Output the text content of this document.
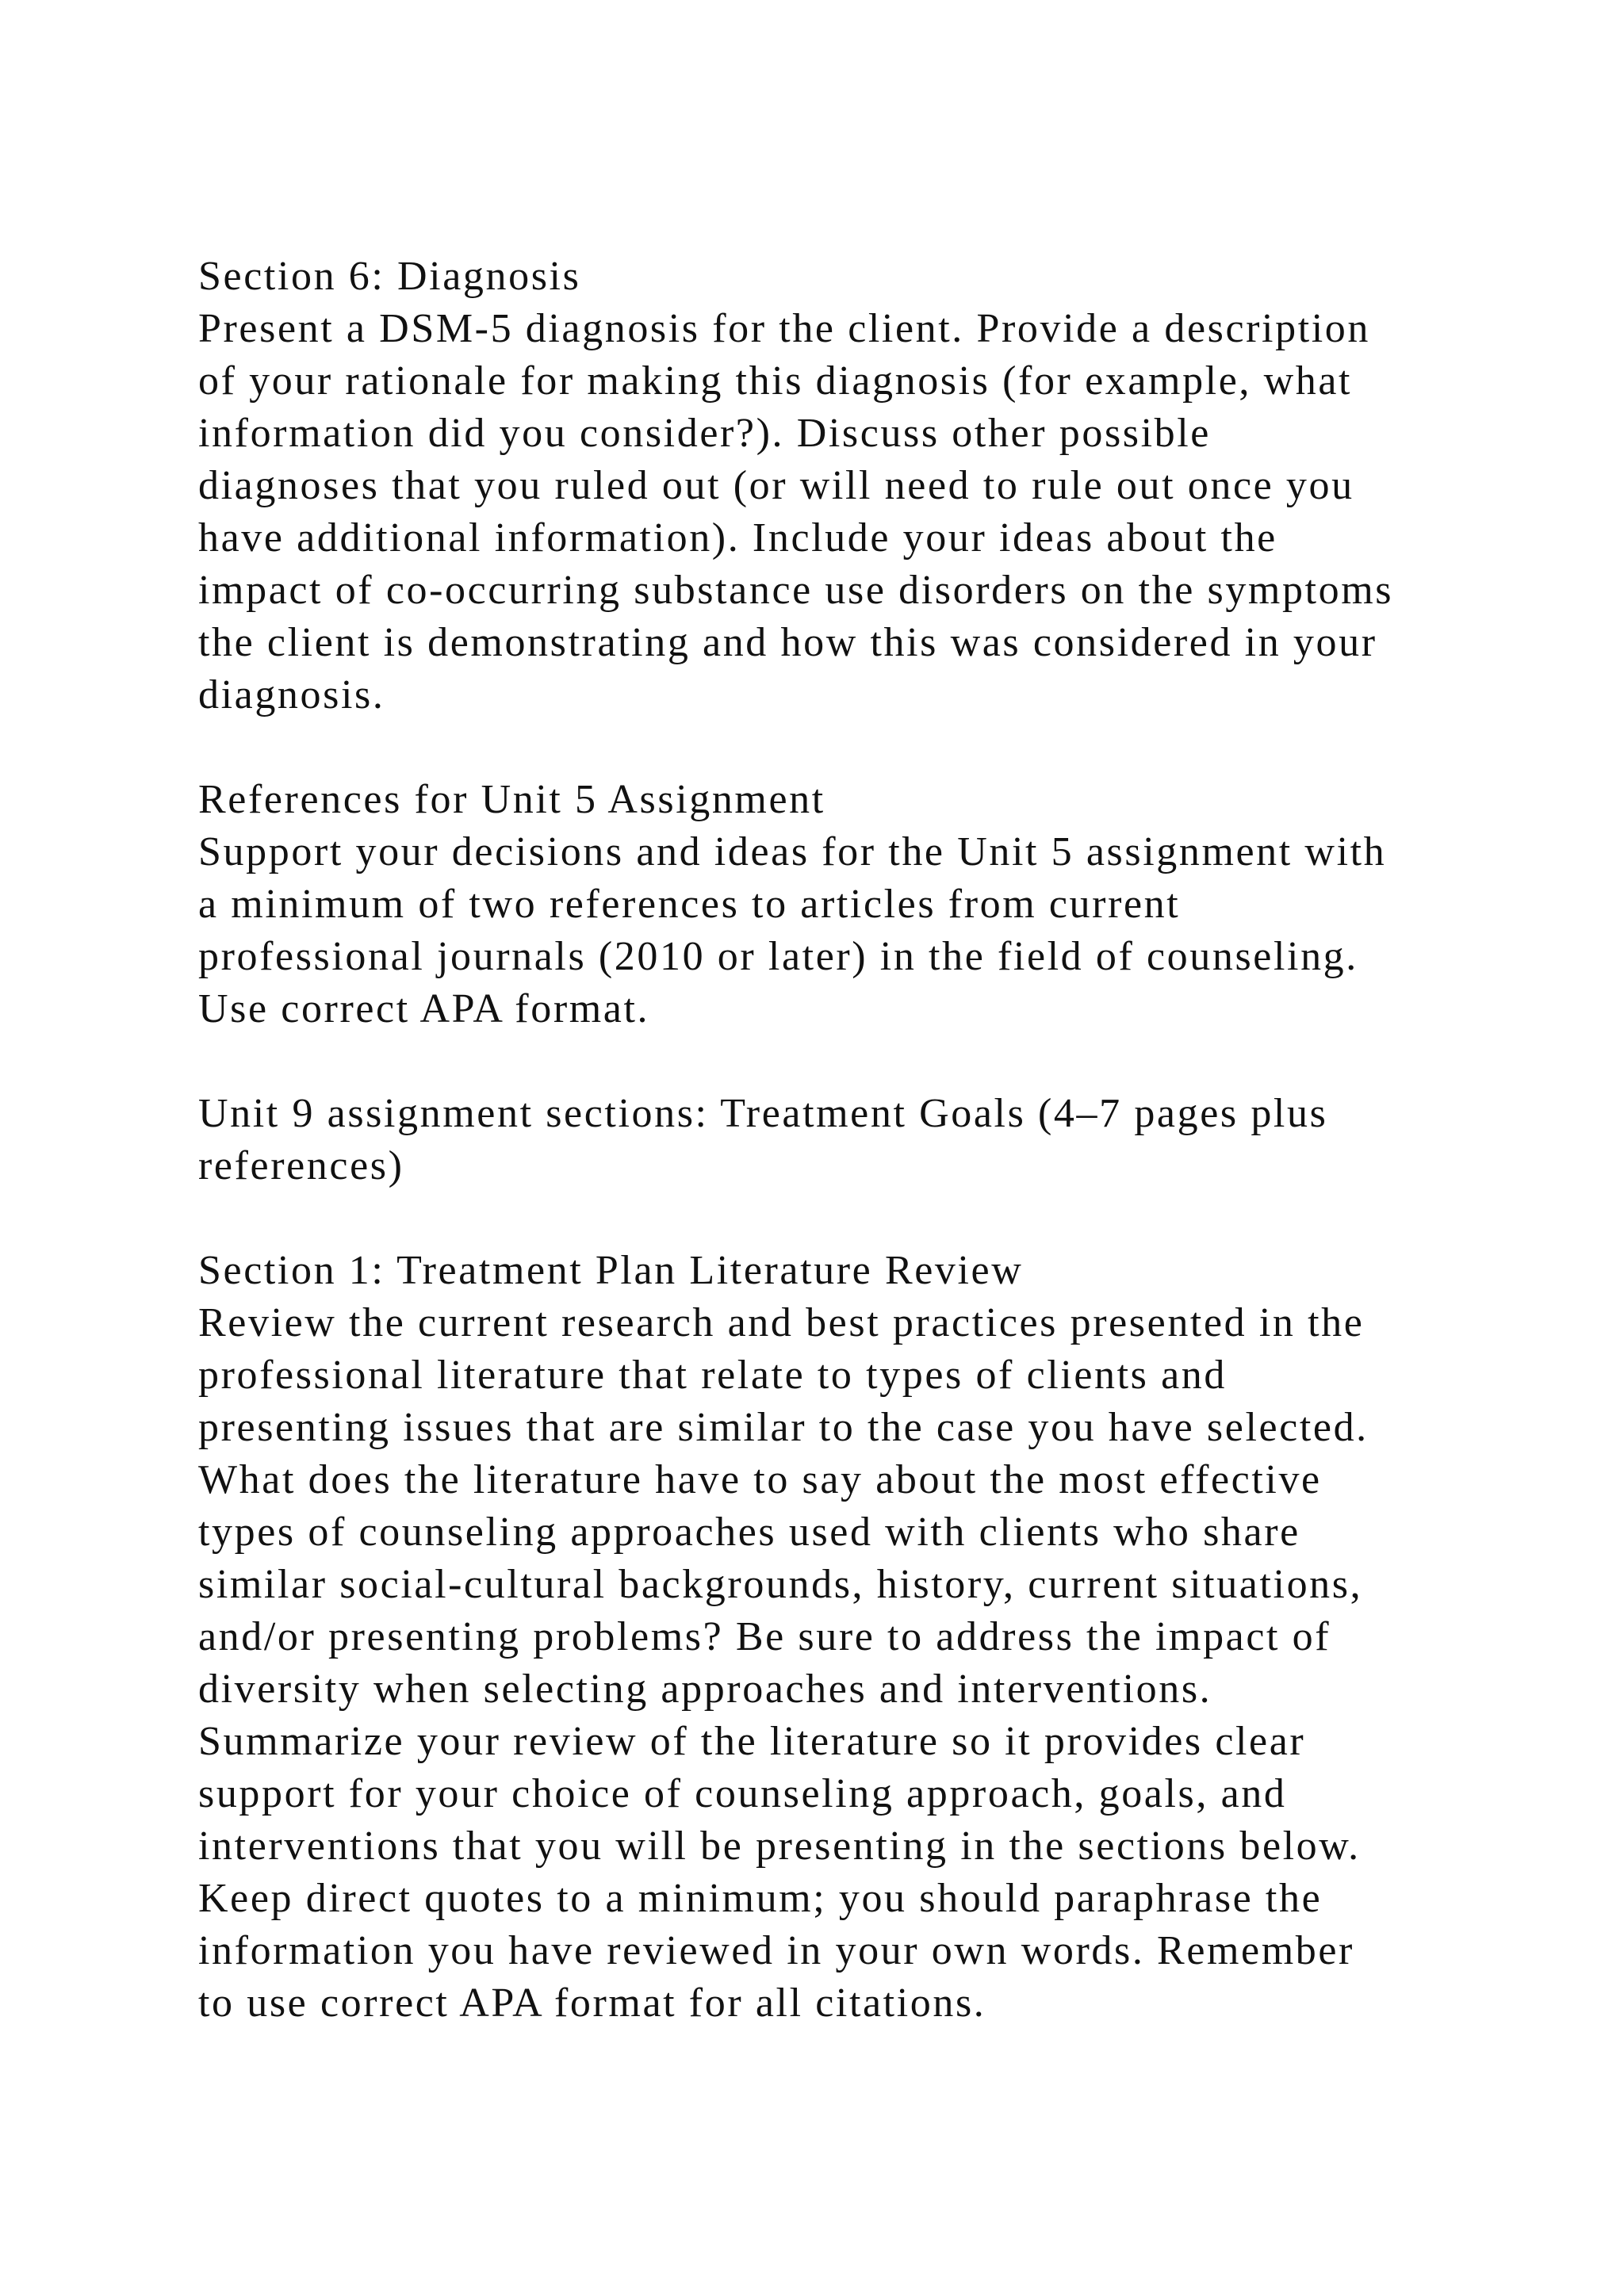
Section 6: Diagnosis
Present a DSM-5 diagnosis for the client. Provide a description
of your rationale for making this diagnosis (for example, what
information did you consider?). Discuss other possible
diagnoses that you ruled out (or will need to rule out once you
have additional information). Include your ideas about the
impact of co-occurring substance use disorders on the symptoms
the client is demonstrating and how this was considered in your
diagnosis.
References for Unit 5 Assignment
Support your decisions and ideas for the Unit 5 assignment with
a minimum of two references to articles from current
professional journals (2010 or later) in the field of counseling.
Use correct APA format.
Unit 9 assignment sections: Treatment Goals (4–7 pages plus
references)
Section 1: Treatment Plan Literature Review
Review the current research and best practices presented in the
professional literature that relate to types of clients and
presenting issues that are similar to the case you have selected.
What does the literature have to say about the most effective
types of counseling approaches used with clients who share
similar social-cultural backgrounds, history, current situations,
and/or presenting problems? Be sure to address the impact of
diversity when selecting approaches and interventions.
Summarize your review of the literature so it provides clear
support for your choice of counseling approach, goals, and
interventions that you will be presenting in the sections below.
Keep direct quotes to a minimum; you should paraphrase the
information you have reviewed in your own words. Remember
to use correct APA format for all citations.
